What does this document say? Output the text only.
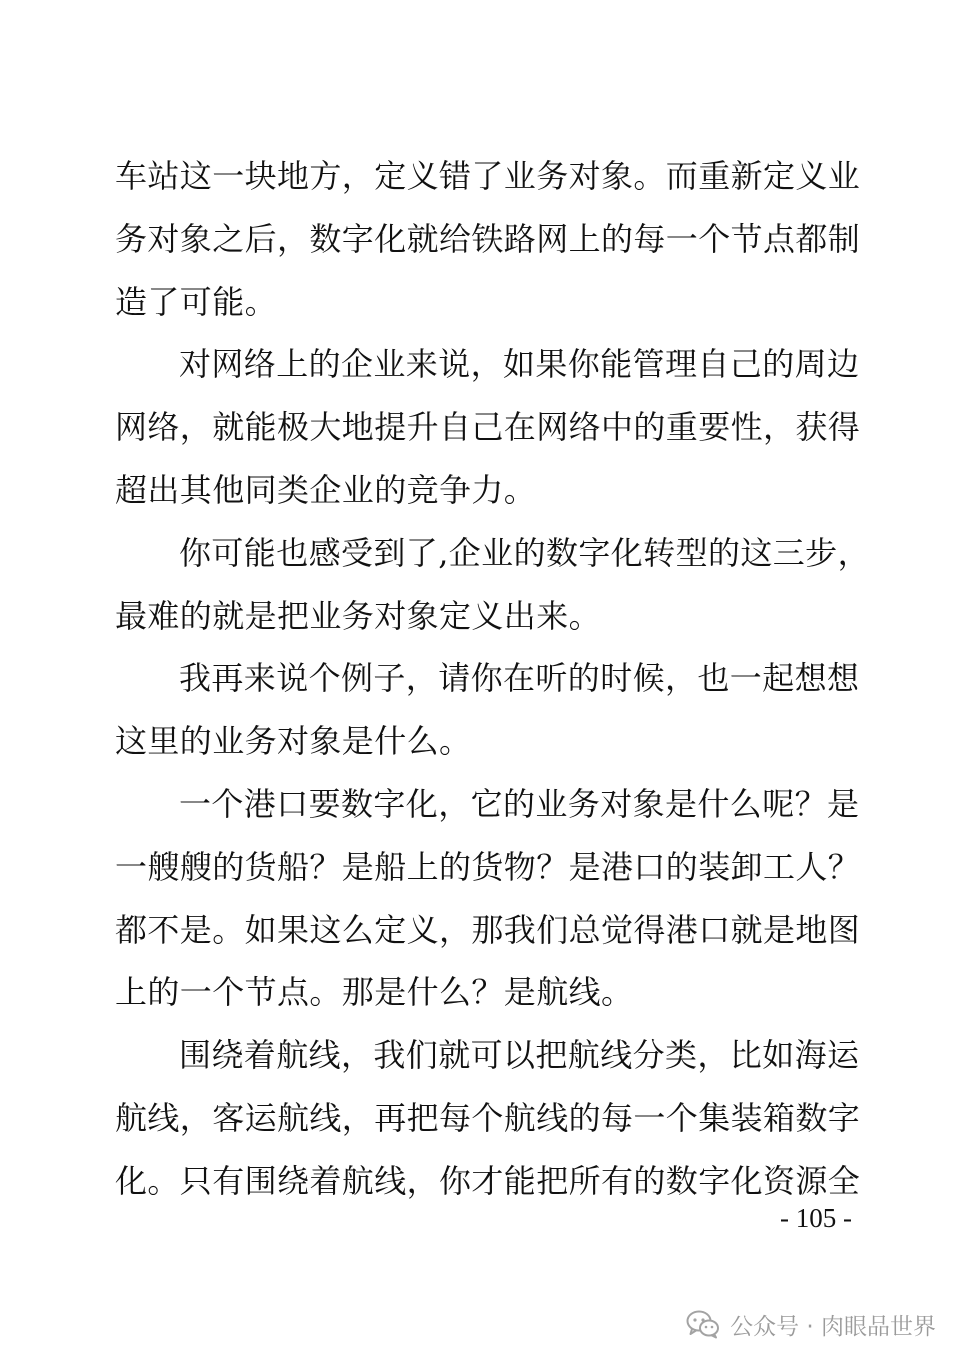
车站这一块地方，定义错了业务对象。而重新定义业
务对象之后，数字化就给铁路网上的每一个节点都制
造了可能。
对网络上的企业来说，如果你能管理自己的周边
网络，就能极大地提升自己在网络中的重要性，获得
超出其他同类企业的竞争力。
你可能也感受到了,企业的数字化转型的这三步，
最难的就是把业务对象定义出来。
我再来说个例子，请你在听的时候，也一起想想
这里的业务对象是什么。
一个港口要数字化，它的业务对象是什么呢？是
一艘艘的货船？是船上的货物？是港口的装卸工人？
都不是。如果这么定义，那我们总觉得港口就是地图
上的一个节点。那是什么？是航线。
围绕着航线，我们就可以把航线分类，比如海运
航线，客运航线，再把每个航线的每一个集装箱数字
化。只有围绕着航线，你才能把所有的数字化资源全
- 105 -
公众号 · 肉眼品世界
